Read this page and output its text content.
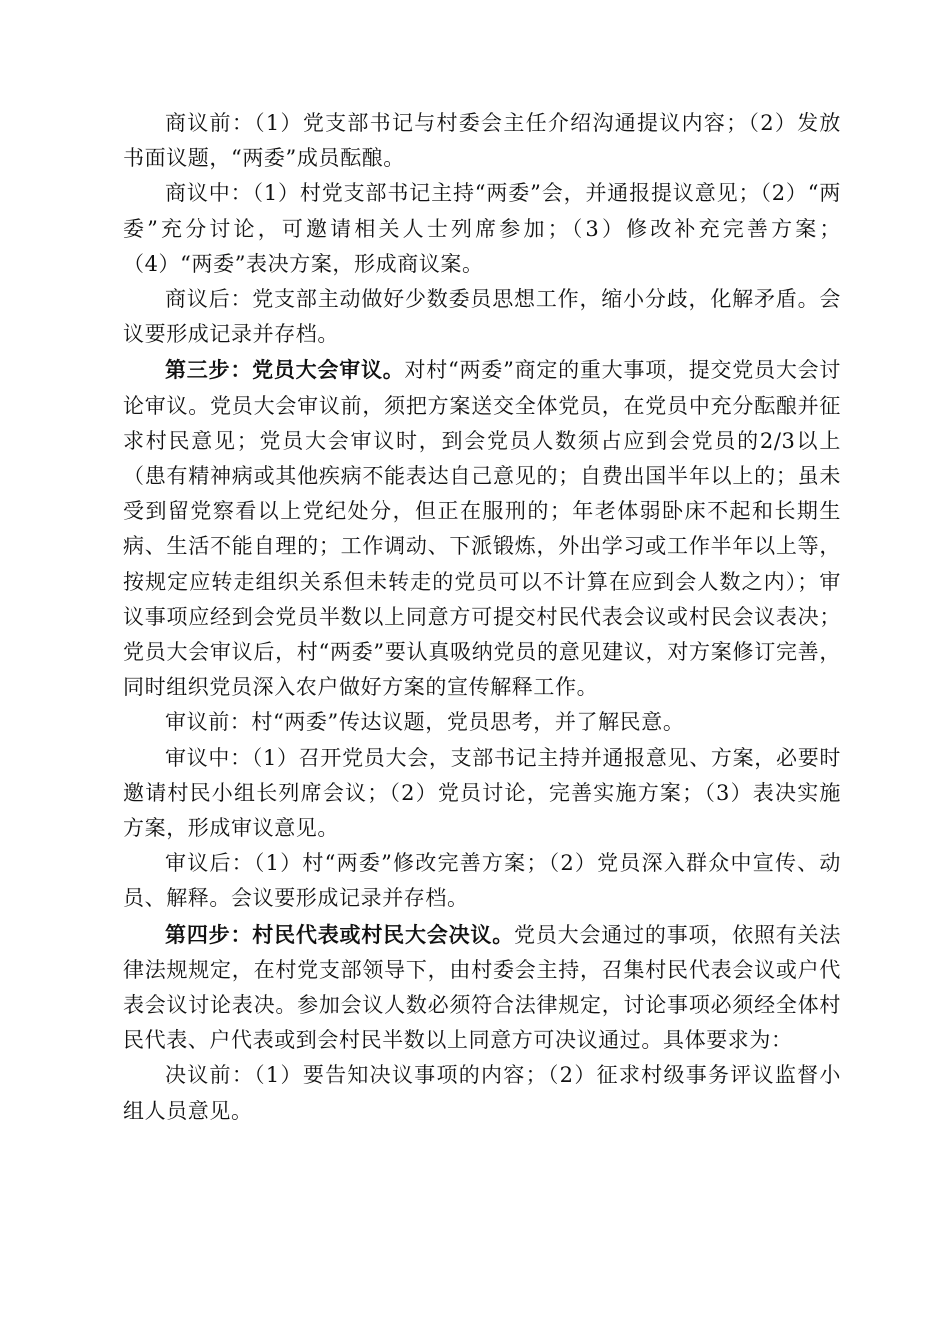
商议前：（1）党支部书记与村委会主任介绍沟通提议内容；（2）发放书面议题，“两委”成员酝酿。

商议中：（1）村党支部书记主持“两委”会，并通报提议意见；（2）“两委”充分讨论，可邀请相关人士列席参加；（3）修改补充完善方案；（4）“两委”表决方案，形成商议案。

商议后：党支部主动做好少数委员思想工作，缩小分歧，化解矛盾。会议要形成记录并存档。

第三步：党员大会审议。对村“两委”商定的重大事项，提交党员大会讨论审议。党员大会审议前，须把方案送交全体党员，在党员中充分酝酿并征求村民意见；党员大会审议时，到会党员人数须占应到会党员的2/3以上（患有精神病或其他疾病不能表达自己意见的；自费出国半年以上的；虽未受到留党察看以上党纪处分，但正在服刑的；年老体弱卧床不起和长期生病、生活不能自理的；工作调动、下派锻炼，外出学习或工作半年以上等，按规定应转走组织关系但未转走的党员可以不计算在应到会人数之内）；审议事项应经到会党员半数以上同意方可提交村民代表会议或村民会议表决；党员大会审议后，村“两委”要认真吸纳党员的意见建议，对方案修订完善，同时组织党员深入农户做好方案的宣传解释工作。

审议前：村“两委”传达议题，党员思考，并了解民意。

审议中：（1）召开党员大会，支部书记主持并通报意见、方案，必要时邀请村民小组长列席会议；（2）党员讨论，完善实施方案；（3）表决实施方案，形成审议意见。

审议后：（1）村“两委”修改完善方案；（2）党员深入群众中宣传、动员、解释。会议要形成记录并存档。

第四步：村民代表或村民大会决议。党员大会通过的事项，依照有关法律法规规定，在村党支部领导下，由村委会主持，召集村民代表会议或户代表会议讨论表决。参加会议人数必须符合法律规定，讨论事项必须经全体村民代表、户代表或到会村民半数以上同意方可决议通过。具体要求为：

决议前：（1）要告知决议事项的内容；（2）征求村级事务评议监督小组人员意见。
